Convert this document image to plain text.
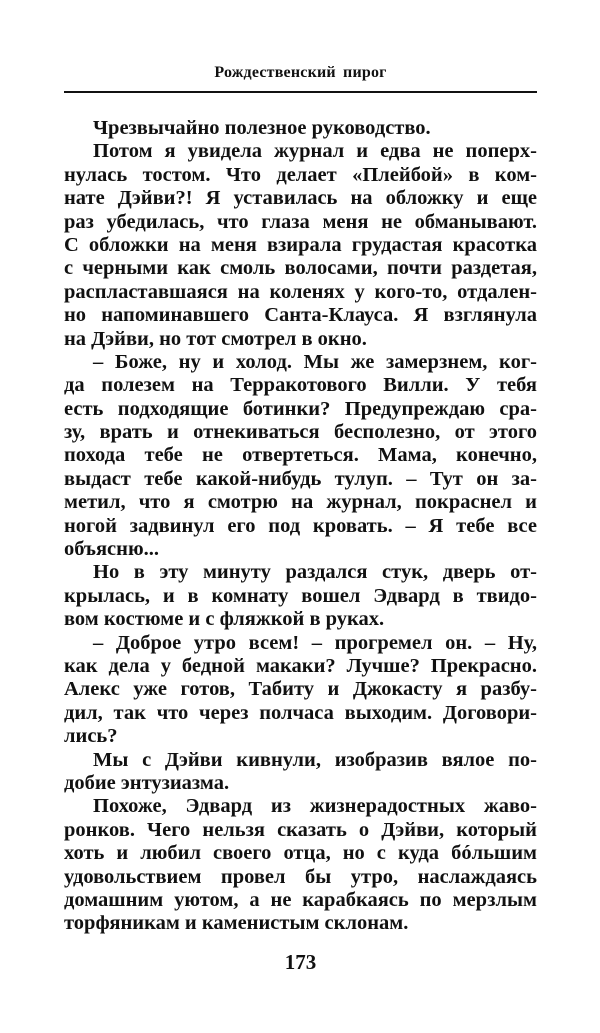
Рождественский пирог
Чрезвычайно полезное руководство.
Потом я увидела журнал и едва не поперх-
нулась тостом. Что делает «Плейбой» в ком-
нате Дэйви?! Я уставилась на обложку и еще
раз убедилась, что глаза меня не обманывают.
С обложки на меня взирала грудастая красотка
с черными как смоль волосами, почти раздетая,
распластавшаяся на коленях у кого-то, отдален-
но напоминавшего Санта-Клауса. Я взглянула
на Дэйви, но тот смотрел в окно.
– Боже, ну и холод. Мы же замерзнем, ког-
да полезем на Терракотового Вилли. У тебя
есть подходящие ботинки? Предупреждаю сра-
зу, врать и отнекиваться бесполезно, от этого
похода тебе не отвертеться. Мама, конечно,
выдаст тебе какой-нибудь тулуп. – Тут он за-
метил, что я смотрю на журнал, покраснел и
ногой задвинул его под кровать. – Я тебе все
объясню...
Но в эту минуту раздался стук, дверь от-
крылась, и в комнату вошел Эдвард в твидо-
вом костюме и с фляжкой в руках.
– Доброе утро всем! – прогремел он. – Ну,
как дела у бедной макаки? Лучше? Прекрасно.
Алекс уже готов, Табиту и Джокасту я разбу-
дил, так что через полчаса выходим. Договори-
лись?
Мы с Дэйви кивнули, изобразив вялое по-
добие энтузиазма.
Похоже, Эдвард из жизнерадостных жаво-
ронков. Чего нельзя сказать о Дэйви, который
хоть и любил своего отца, но с куда бóльшим
удовольствием провел бы утро, наслаждаясь
домашним уютом, а не карабкаясь по мерзлым
торфяникам и каменистым склонам.
173
